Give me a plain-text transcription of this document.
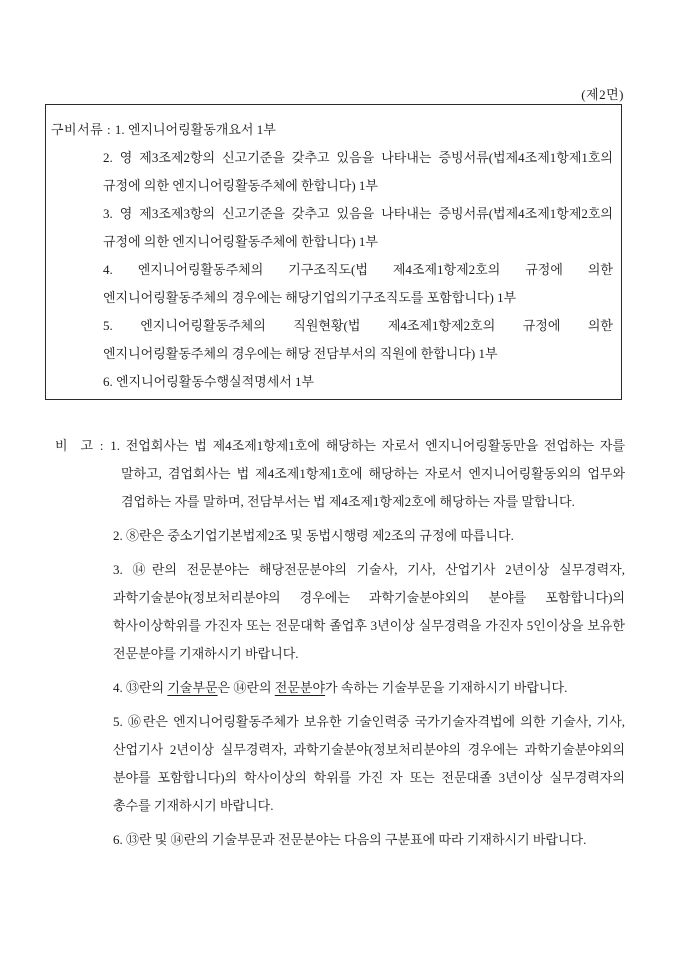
(제2면)
구비서류 : 1. 엔지니어링활동개요서 1부
2. 영 제3조제2항의 신고기준을 갖추고 있음을 나타내는 증빙서류(법제4조제1항제1호의 규정에 의한 엔지니어링활동주체에 한합니다) 1부
3. 영 제3조제3항의 신고기준을 갖추고 있음을 나타내는 증빙서류(법제4조제1항제2호의 규정에 의한 엔지니어링활동주체에 한합니다) 1부
4. 엔지니어링활동주체의 기구조직도(법 제4조제1항제2호의 규정에 의한 엔지니어링활동주체의 경우에는 해당기업의기구조직도를 포함합니다) 1부
5. 엔지니어링활동주체의 직원현황(법 제4조제1항제2호의 규정에 의한 엔지니어링활동주체의 경우에는 해당 전담부서의 직원에 한합니다) 1부
6. 엔지니어링활동수행실적명세서 1부
비  고 : 1. 전업회사는 법 제4조제1항제1호에 해당하는 자로서 엔지니어링활동만을 전업하는 자를 말하고, 겸업회사는 법 제4조제1항제1호에 해당하는 자로서 엔지니어링활동외의 업무와 겸업하는 자를 말하며, 전담부서는 법 제4조제1항제2호에 해당하는 자를 말합니다.
2. ⑧란은 중소기업기본법제2조 및 동법시행령 제2조의 규정에 따릅니다.
3. ⑭란의 전문분야는 해당전문분야의 기술사, 기사, 산업기사 2년이상 실무경력자, 과학기술분야(정보처리분야의 경우에는 과학기술분야외의 분야를 포함합니다)의 학사이상학위를 가진자 또는 전문대학 졸업후 3년이상 실무경력을 가진자 5인이상을 보유한 전문분야를 기재하시기 바랍니다.
4. ⑬란의 기술부문은 ⑭란의 전문분야가 속하는 기술부문을 기재하시기 바랍니다.
5. ⑯란은 엔지니어링활동주체가 보유한 기술인력중 국가기술자격법에 의한 기술사, 기사, 산업기사 2년이상 실무경력자, 과학기술분야(정보처리분야의 경우에는 과학기술분야외의 분야를 포함합니다)의 학사이상의 학위를 가진 자 또는 전문대졸 3년이상 실무경력자의 총수를 기재하시기 바랍니다.
6. ⑬란 및 ⑭란의 기술부문과 전문분야는 다음의 구분표에 따라 기재하시기 바랍니다.
